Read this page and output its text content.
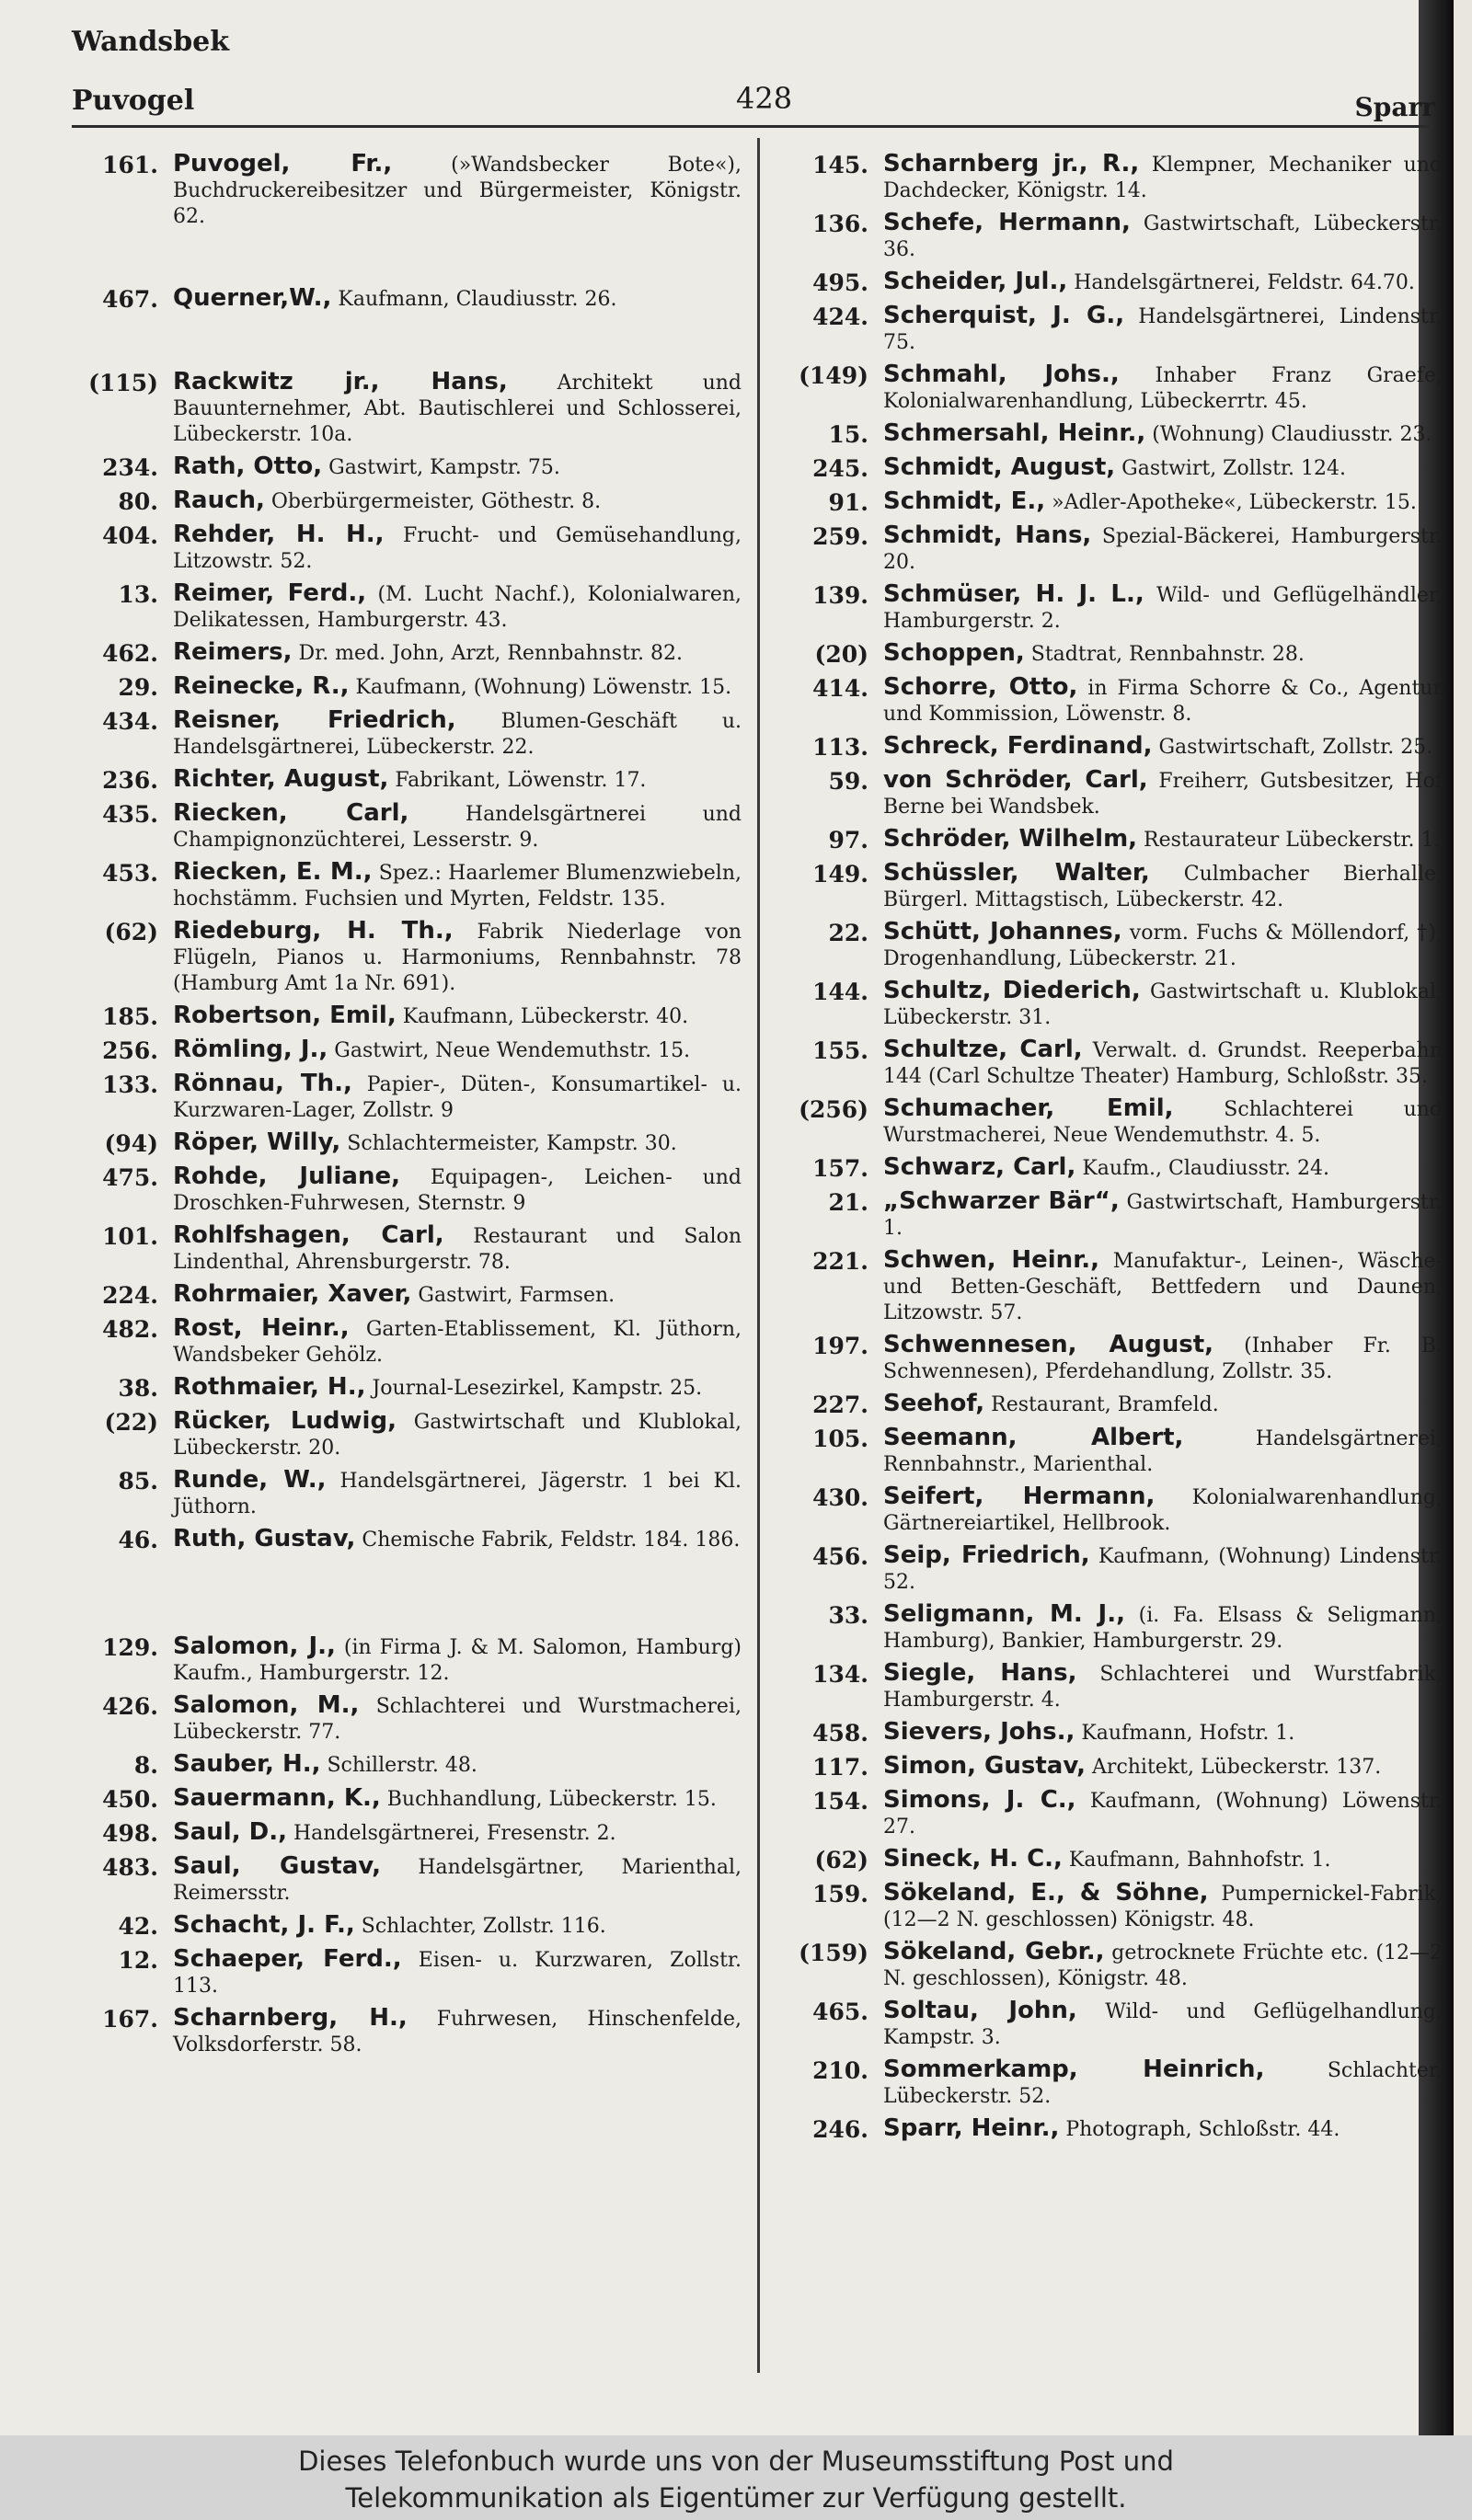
Wandsbek
Puvogel	428	Sparr
161. Puvogel, Fr., (»Wandsbecker Bote«), Buchdruckereibesitzer und Bürgermeister, Königstr. 62.
467. Querner,W., Kaufmann, Claudiusstr. 26.
(115) Rackwitz jr., Hans, Architekt und Bauunternehmer, Abt. Bautischlerei und Schlosserei, Lübeckerstr. 10a.
234. Rath, Otto, Gastwirt, Kampstr. 75.
80. Rauch, Oberbürgermeister, Göthestr. 8.
404. Rehder, H. H., Frucht- und Gemüsehandlung, Litzowstr. 52.
13. Reimer, Ferd., (M. Lucht Nachf.), Kolonialwaren, Delikatessen, Hamburgerstr. 43.
462. Reimers, Dr. med. John, Arzt, Rennbahnstr. 82.
29. Reinecke, R., Kaufmann, (Wohnung) Löwenstr. 15.
434. Reisner, Friedrich, Blumen-Geschäft u. Handelsgärtnerei, Lübeckerstr. 22.
236. Richter, August, Fabrikant, Löwenstr. 17.
435. Riecken, Carl, Handelsgärtnerei und Champignonzüchterei, Lesserstr. 9.
453. Riecken, E. M., Spez.: Haarlemer Blumenzwiebeln, hochstämm. Fuchsien und Myrten, Feldstr. 135.
(62) Riedeburg, H. Th., Fabrik Niederlage von Flügeln, Pianos u. Harmoniums, Rennbahnstr. 78 (Hamburg Amt 1a Nr. 691).
185. Robertson, Emil, Kaufmann, Lübeckerstr. 40.
256. Römling, J., Gastwirt, Neue Wendemuthstr. 15.
133. Rönnau, Th., Papier-, Düten-, Konsumartikel- u. Kurzwaren-Lager, Zollstr. 9
(94) Röper, Willy, Schlachtermeister, Kampstr. 30.
475. Rohde, Juliane, Equipagen-, Leichen- und Droschken-Fuhrwesen, Sternstr. 9
101. Rohlfshagen, Carl, Restaurant und Salon Lindenthal, Ahrensburgerstr. 78.
224. Rohrmaier, Xaver, Gastwirt, Farmsen.
482. Rost, Heinr., Garten-Etablissement, Kl. Jüthorn, Wandsbeker Gehölz.
38. Rothmaier, H., Journal-Lesezirkel, Kampstr. 25.
(22) Rücker, Ludwig, Gastwirtschaft und Klublokal, Lübeckerstr. 20.
85. Runde, W., Handelsgärtnerei, Jägerstr. 1 bei Kl. Jüthorn.
46. Ruth, Gustav, Chemische Fabrik, Feldstr. 184. 186.
129. Salomon, J., (in Firma J. & M. Salomon, Hamburg) Kaufm., Hamburgerstr. 12.
426. Salomon, M., Schlachterei und Wurstmacherei, Lübeckerstr. 77.
8. Sauber, H., Schillerstr. 48.
450. Sauermann, K., Buchhandlung, Lübeckerstr. 15.
498. Saul, D., Handelsgärtnerei, Fresenstr. 2.
483. Saul, Gustav, Handelsgärtner, Marienthal, Reimersstr.
42. Schacht, J. F., Schlachter, Zollstr. 116.
12. Schaeper, Ferd., Eisen- u. Kurzwaren, Zollstr. 113.
167. Scharnberg, H., Fuhrwesen, Hinschenfelde, Volksdorferstr. 58.
145. Scharnberg jr., R., Klempner, Mechaniker und Dachdecker, Königstr. 14.
136. Schefe, Hermann, Gastwirtschaft, Lübeckerstr. 36.
495. Scheider, Jul., Handelsgärtnerei, Feldstr. 64.70.
424. Scherquist, J. G., Handelsgärtnerei, Lindenstr. 75.
(149) Schmahl, Johs., Inhaber Franz Graefe, Kolonialwarenhandlung, Lübeckerrtr. 45.
15. Schmersahl, Heinr., (Wohnung) Claudiusstr. 23.
245. Schmidt, August, Gastwirt, Zollstr. 124.
91. Schmidt, E., »Adler-Apotheke«, Lübeckerstr. 15.
259. Schmidt, Hans, Spezial-Bäckerei, Hamburgerstr. 20.
139. Schmüser, H. J. L., Wild- und Geflügelhändler, Hamburgerstr. 2.
(20) Schoppen, Stadtrat, Rennbahnstr. 28.
414. Schorre, Otto, in Firma Schorre & Co., Agentur und Kommission, Löwenstr. 8.
113. Schreck, Ferdinand, Gastwirtschaft, Zollstr. 25.
59. von Schröder, Carl, Freiherr, Gutsbesitzer, Hof Berne bei Wandsbek.
97. Schröder, Wilhelm, Restaurateur Lübeckerstr. 1.
149. Schüssler, Walter, Culmbacher Bierhalle, Bürgerl. Mittagstisch, Lübeckerstr. 42.
22. Schütt, Johannes, vorm. Fuchs & Möllendorf, †), Drogenhandlung, Lübeckerstr. 21.
144. Schultz, Diederich, Gastwirtschaft u. Klublokal, Lübeckerstr. 31.
155. Schultze, Carl, Verwalt. d. Grundst. Reeperbahn 144 (Carl Schultze Theater) Hamburg, Schloßstr. 35.
(256) Schumacher, Emil, Schlachterei und Wurstmacherei, Neue Wendemuthstr. 4. 5.
157. Schwarz, Carl, Kaufm., Claudiusstr. 24.
21. „Schwarzer Bär“, Gastwirtschaft, Hamburgerstr. 1.
221. Schwen, Heinr., Manufaktur-, Leinen-, Wäsche- und Betten-Geschäft, Bettfedern und Daunen, Litzowstr. 57.
197. Schwennesen, August, (Inhaber Fr. B. Schwennesen), Pferdehandlung, Zollstr. 35.
227. Seehof, Restaurant, Bramfeld.
105. Seemann, Albert, Handelsgärtnerei, Rennbahnstr., Marienthal.
430. Seifert, Hermann, Kolonialwarenhandlung, Gärtnereiartikel, Hellbrook.
456. Seip, Friedrich, Kaufmann, (Wohnung) Lindenstr. 52.
33. Seligmann, M. J., (i. Fa. Elsass & Seligmann, Hamburg), Bankier, Hamburgerstr. 29.
134. Siegle, Hans, Schlachterei und Wurstfabrik, Hamburgerstr. 4.
458. Sievers, Johs., Kaufmann, Hofstr. 1.
117. Simon, Gustav, Architekt, Lübeckerstr. 137.
154. Simons, J. C., Kaufmann, (Wohnung) Löwenstr. 27.
(62) Sineck, H. C., Kaufmann, Bahnhofstr. 1.
159. Sökeland, E., & Söhne, Pumpernickel-Fabrik, (12—2 N. geschlossen) Königstr. 48.
(159) Sökeland, Gebr., getrocknete Früchte etc. (12—2 N. geschlossen), Königstr. 48.
465. Soltau, John, Wild- und Geflügelhandlung, Kampstr. 3.
210. Sommerkamp, Heinrich, Schlachter, Lübeckerstr. 52.
246. Sparr, Heinr., Photograph, Schloßstr. 44.
Dieses Telefonbuch wurde uns von der Museumsstiftung Post und
Telekommunikation als Eigentümer zur Verfügung gestellt.
